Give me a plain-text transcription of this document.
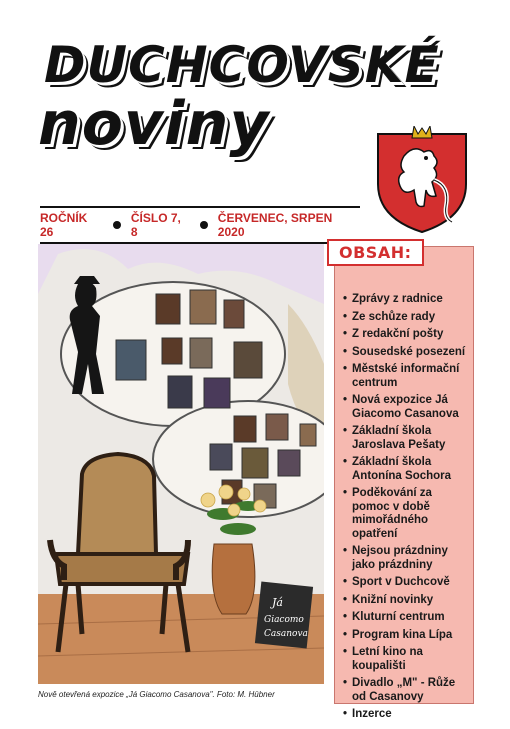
DUCHCOVSKÉ
noviny
ROČNÍK 26
ČÍSLO 7, 8
ČERVENEC, SRPEN 2020
Já
Giacomo
Casanova
Nově otevřená expozice „Já Giacomo Casanova". Foto: M. Hübner
OBSAH:
• Zprávy z radnice
• Ze schůze rady
• Z redakční pošty
• Sousedské posezení
• Městské informační centrum
• Nová expozice Já Giacomo Casanova
• Základní škola Jaroslava Pešaty
• Základní škola Antonína Sochora
• Poděkování za pomoc v době mimořádného opatření
• Nejsou prázdniny jako prázdniny
• Sport v Duchcově
• Knižní novinky
• Kluturní centrum
• Program kina Lípa
• Letní kino na koupališti
• Divadlo „M" - Růže od Casanovy
• Inzerce
